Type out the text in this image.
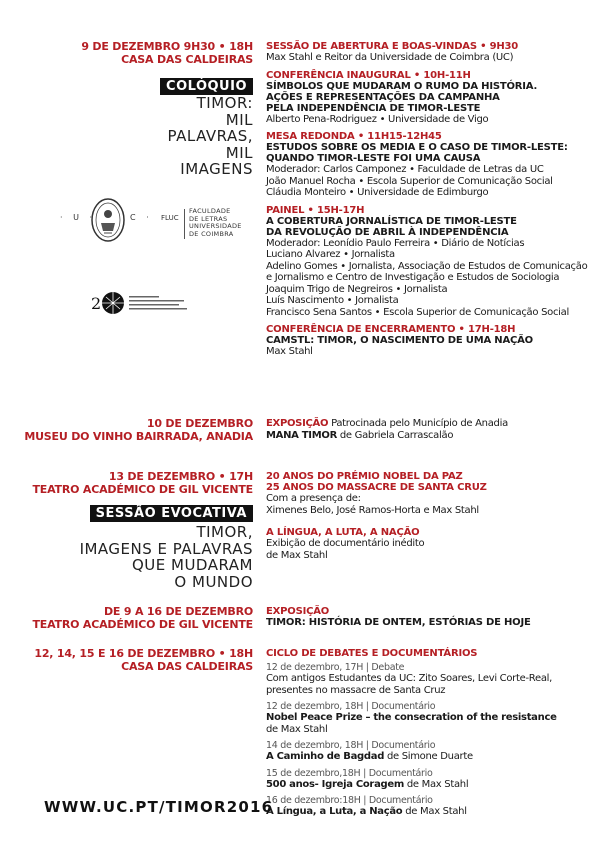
9 DE DEZEMBRO 9H30 • 18H
CASA DAS CALDEIRAS
COLÓQUIO
TIMOR:
MIL
PALAVRAS,
MIL
IMAGENS
· U ·	C · FLUC
FACULDADE
DE LETRAS
UNIVERSIDADE
DE COIMBRA
2
SESSÃO DE ABERTURA E BOAS-VINDAS • 9H30
Max Stahl e Reitor da Universidade de Coimbra (UC)
CONFERÊNCIA INAUGURAL • 10H-11H
SÍMBOLOS QUE MUDARAM O RUMO DA HISTÓRIA.
AÇÕES E REPRESENTAÇÕES DA CAMPANHA
PELA INDEPENDÊNCIA DE TIMOR-LESTE
Alberto Pena-Rodriguez • Universidade de Vigo
MESA REDONDA • 11H15-12H45
ESTUDOS SOBRE OS MEDIA E O CASO DE TIMOR-LESTE:
QUANDO TIMOR-LESTE FOI UMA CAUSA
Moderador: Carlos Camponez • Faculdade de Letras da UC
João Manuel Rocha • Escola Superior de Comunicação Social
Cláudia Monteiro • Universidade de Edimburgo
PAINEL • 15H-17H
A COBERTURA JORNALÍSTICA DE TIMOR-LESTE
DA REVOLUÇÃO DE ABRIL À INDEPENDÊNCIA
Moderador: Leonídio Paulo Ferreira • Diário de Notícias
Luciano Alvarez • Jornalista
Adelino Gomes • Jornalista, Associação de Estudos de Comunicação
e Jornalismo e Centro de Investigação e Estudos de Sociologia
Joaquim Trigo de Negreiros • Jornalista
Luís Nascimento • Jornalista
Francisco Sena Santos • Escola Superior de Comunicação Social
CONFERÊNCIA DE ENCERRAMENTO • 17H-18H
CAMSTL: TIMOR, O NASCIMENTO DE UMA NAÇÃO
Max Stahl
10 DE DEZEMBRO
MUSEU DO VINHO BAIRRADA, ANADIA
EXPOSIÇÃO Patrocinada pelo Município de Anadia
MANA TIMOR de Gabriela Carrascalão
13 DE DEZEMBRO • 17H
TEATRO ACADÉMICO DE GIL VICENTE
SESSÃO EVOCATIVA
TIMOR,
IMAGENS E PALAVRAS
QUE MUDARAM
O MUNDO
20 ANOS DO PRÉMIO NOBEL DA PAZ
25 ANOS DO MASSACRE DE SANTA CRUZ
Com a presença de:
Ximenes Belo, José Ramos-Horta e Max Stahl
A LÍNGUA, A LUTA, A NAÇÃO
Exibição de documentário inédito
de Max Stahl
DE 9 A 16 DE DEZEMBRO
TEATRO ACADÉMICO DE GIL VICENTE
EXPOSIÇÃO
TIMOR: HISTÓRIA DE ONTEM, ESTÓRIAS DE HOJE
12, 14, 15 E 16 DE DEZEMBRO • 18H
CASA DAS CALDEIRAS
CICLO DE DEBATES E DOCUMENTÁRIOS
12 de dezembro, 17H | Debate
Com antigos Estudantes da UC: Zito Soares, Levi Corte-Real,
presentes no massacre de Santa Cruz
12 de dezembro, 18H | Documentário
Nobel Peace Prize – the consecration of the resistance
de Max Stahl
14 de dezembro, 18H | Documentário
A Caminho de Bagdad de Simone Duarte
15 de dezembro,18H | Documentário
500 anos- Igreja Coragem de Max Stahl
16 de dezembro:18H | Documentário
A Língua, a Luta, a Nação de Max Stahl
WWW.UC.PT/TIMOR2016
